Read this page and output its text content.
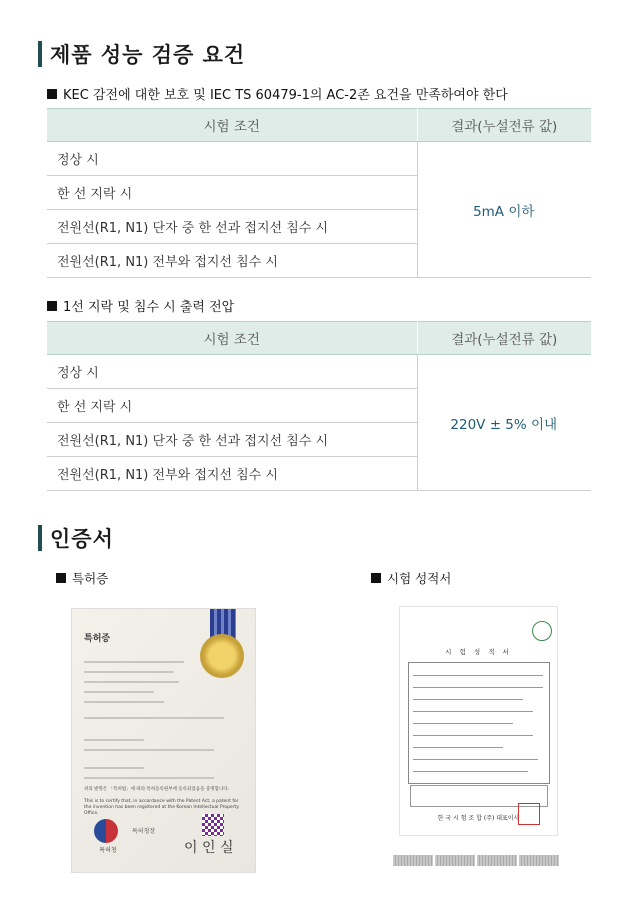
제품 성능 검증 요건
KEC 감전에 대한 보호 및 IEC TS 60479-1의 AC-2존 요건을 만족하여야 한다
시험 조건	결과(누설전류 값)
정상 시	5mA 이하
한 선 지락 시	
전원선(R1, N1) 단자 중 한 선과 접지선 침수 시	
전원선(R1, N1) 전부와 접지선 침수 시	
1선 지락 및 침수 시 출력 전압
시험 조건	결과(누설전류 값)
정상 시	220V ± 5% 이내
한 선 지락 시	
전원선(R1, N1) 단자 중 한 선과 접지선 침수 시	
전원선(R1, N1) 전부와 접지선 침수 시	
인증서
특허증	시험 성적서
특허증
위의 발명은 「특허법」에 따라 특허등록원부에 등록되었음을 증명합니다.
This is to certify that, in accordance with the Patent Act, a patent for the invention has been registered at the Korean Intellectual Property Office.
특허청
특허청장
이 인 실
시 험 성 적 서
한 국 시 험 조 합 (주) 대표이사
